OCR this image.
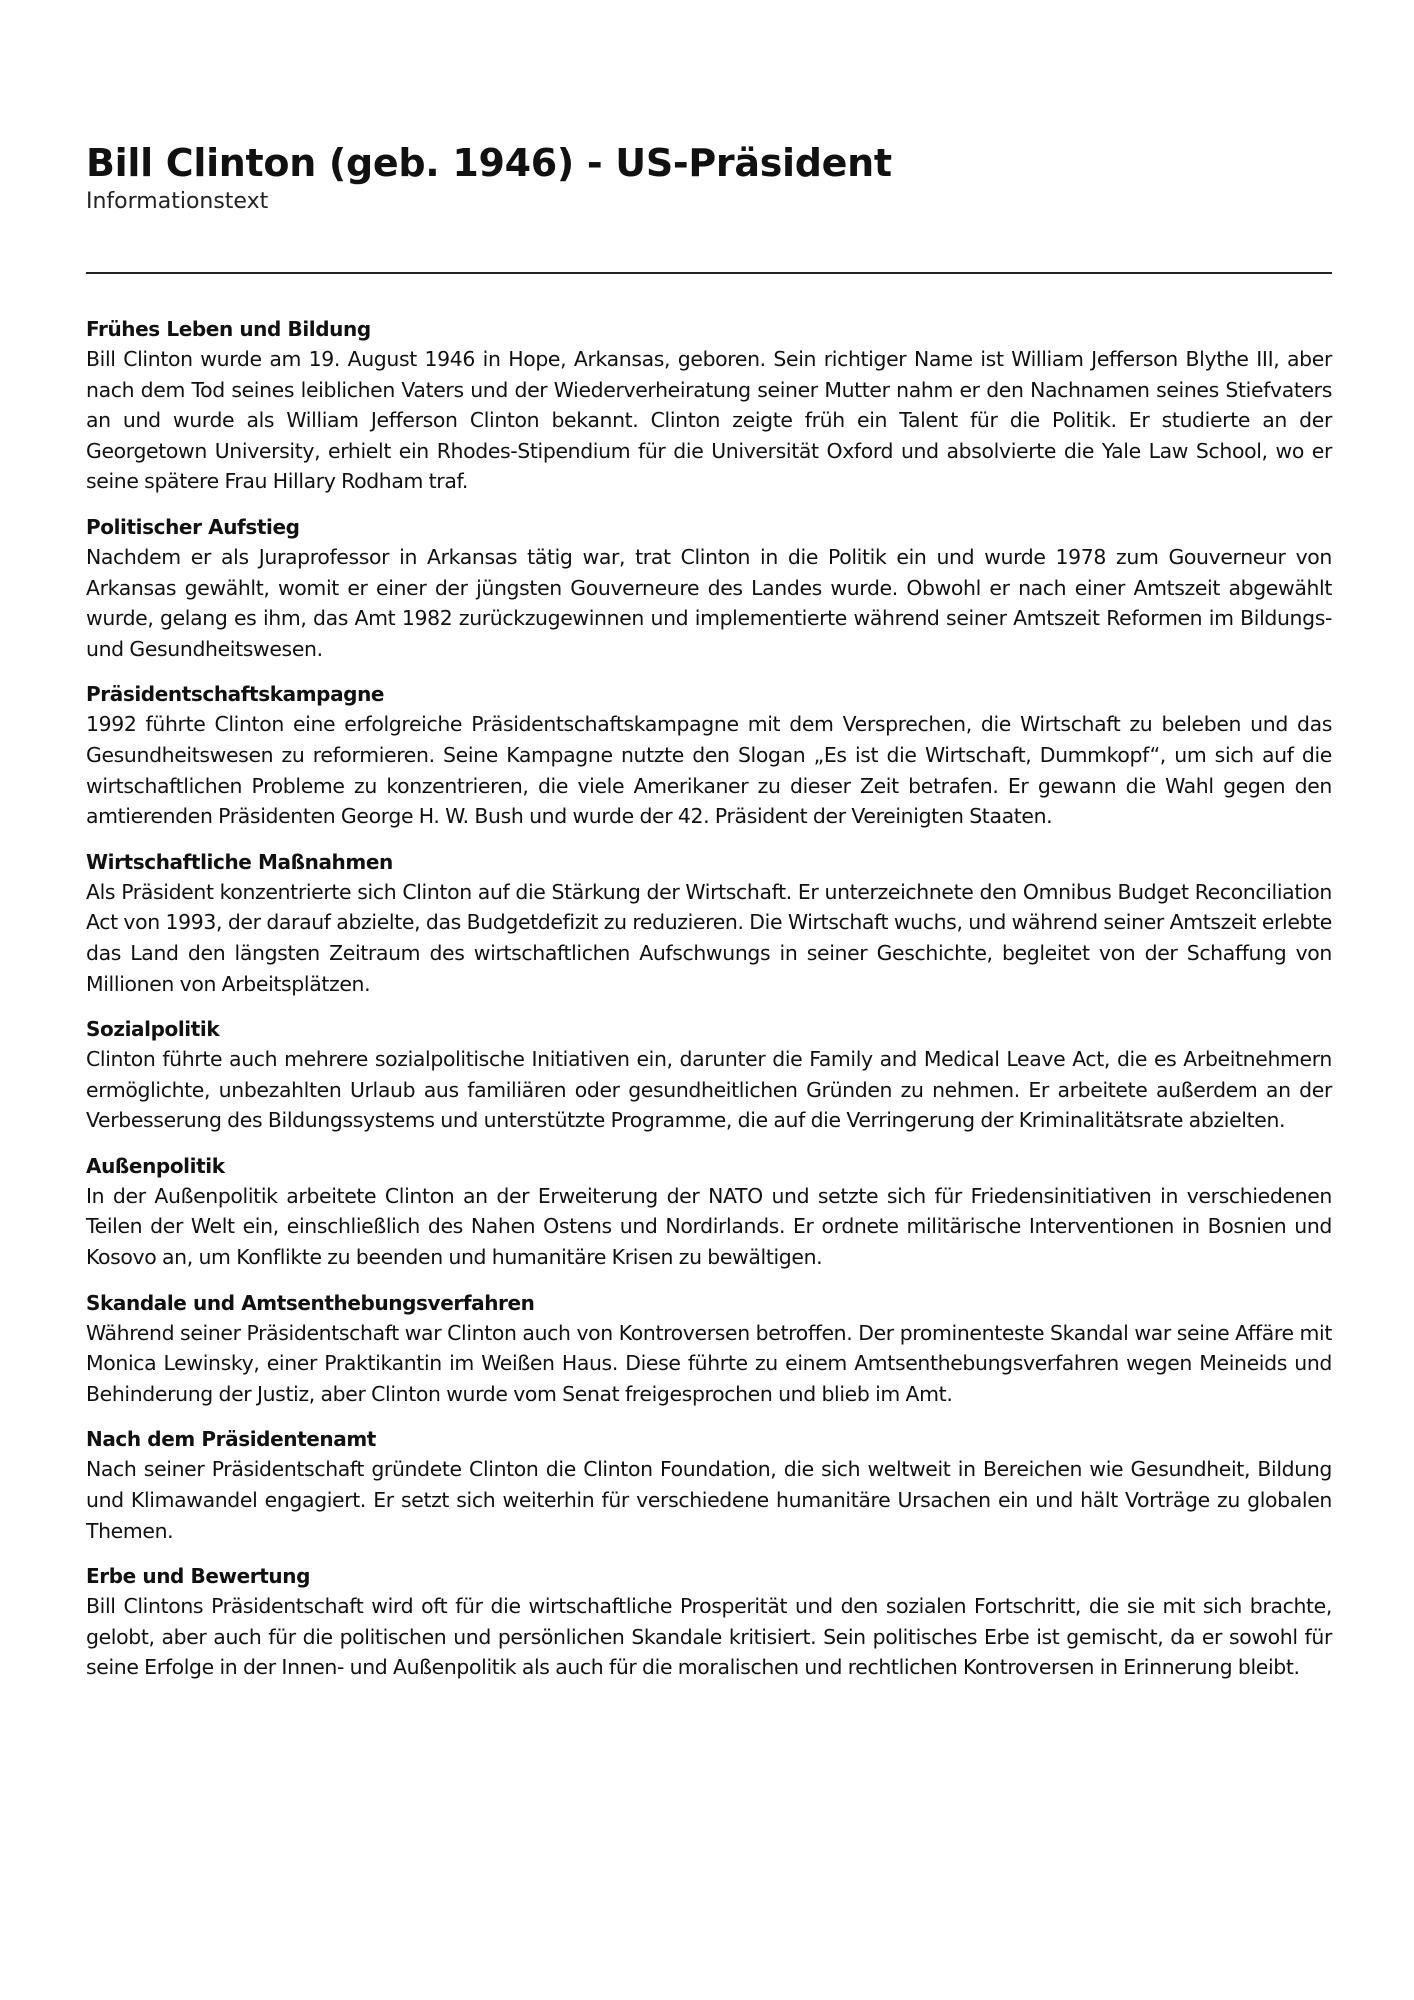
Bill Clinton (geb. 1946) - US-Präsident
Informationstext
Frühes Leben und Bildung

Bill Clinton wurde am 19. August 1946 in Hope, Arkansas, geboren. Sein richtiger Name ist William Jefferson Blythe III, aber nach dem Tod seines leiblichen Vaters und der Wiederverheiratung seiner Mutter nahm er den Nachnamen seines Stiefvaters an und wurde als William Jefferson Clinton bekannt. Clinton zeigte früh ein Talent für die Politik. Er studierte an der Georgetown University, erhielt ein Rhodes-Stipendium für die Universität Oxford und absolvierte die Yale Law School, wo er seine spätere Frau Hillary Rodham traf.

Politischer Aufstieg

Nachdem er als Juraprofessor in Arkansas tätig war, trat Clinton in die Politik ein und wurde 1978 zum Gouverneur von Arkansas gewählt, womit er einer der jüngsten Gouverneure des Landes wurde. Obwohl er nach einer Amtszeit abgewählt wurde, gelang es ihm, das Amt 1982 zurückzugewinnen und implementierte während seiner Amtszeit Reformen im Bildungs- und Gesundheitswesen.

Präsidentschaftskampagne

1992 führte Clinton eine erfolgreiche Präsidentschaftskampagne mit dem Versprechen, die Wirtschaft zu beleben und das Gesundheitswesen zu reformieren. Seine Kampagne nutzte den Slogan „Es ist die Wirtschaft, Dummkopf“, um sich auf die wirtschaftlichen Probleme zu konzentrieren, die viele Amerikaner zu dieser Zeit betrafen. Er gewann die Wahl gegen den amtierenden Präsidenten George H. W. Bush und wurde der 42. Präsident der Vereinigten Staaten.

Wirtschaftliche Maßnahmen

Als Präsident konzentrierte sich Clinton auf die Stärkung der Wirtschaft. Er unterzeichnete den Omnibus Budget Reconciliation Act von 1993, der darauf abzielte, das Budgetdefizit zu reduzieren. Die Wirtschaft wuchs, und während seiner Amtszeit erlebte das Land den längsten Zeitraum des wirtschaftlichen Aufschwungs in seiner Geschichte, begleitet von der Schaffung von Millionen von Arbeitsplätzen.

Sozialpolitik

Clinton führte auch mehrere sozialpolitische Initiativen ein, darunter die Family and Medical Leave Act, die es Arbeitnehmern ermöglichte, unbezahlten Urlaub aus familiären oder gesundheitlichen Gründen zu nehmen. Er arbeitete außerdem an der Verbesserung des Bildungssystems und unterstützte Programme, die auf die Verringerung der Kriminalitätsrate abzielten.

Außenpolitik

In der Außenpolitik arbeitete Clinton an der Erweiterung der NATO und setzte sich für Friedensinitiativen in verschiedenen Teilen der Welt ein, einschließlich des Nahen Ostens und Nordirlands. Er ordnete militärische Interventionen in Bosnien und Kosovo an, um Konflikte zu beenden und humanitäre Krisen zu bewältigen.

Skandale und Amtsenthebungsverfahren

Während seiner Präsidentschaft war Clinton auch von Kontroversen betroffen. Der prominenteste Skandal war seine Affäre mit Monica Lewinsky, einer Praktikantin im Weißen Haus. Diese führte zu einem Amtsenthebungsverfahren wegen Meineids und Behinderung der Justiz, aber Clinton wurde vom Senat freigesprochen und blieb im Amt.

Nach dem Präsidentenamt

Nach seiner Präsidentschaft gründete Clinton die Clinton Foundation, die sich weltweit in Bereichen wie Gesundheit, Bildung und Klimawandel engagiert. Er setzt sich weiterhin für verschiedene humanitäre Ursachen ein und hält Vorträge zu globalen Themen.

Erbe und Bewertung

Bill Clintons Präsidentschaft wird oft für die wirtschaftliche Prosperität und den sozialen Fortschritt, die sie mit sich brachte, gelobt, aber auch für die politischen und persönlichen Skandale kritisiert. Sein politisches Erbe ist gemischt, da er sowohl für seine Erfolge in der Innen- und Außenpolitik als auch für die moralischen und rechtlichen Kontroversen in Erinnerung bleibt.
